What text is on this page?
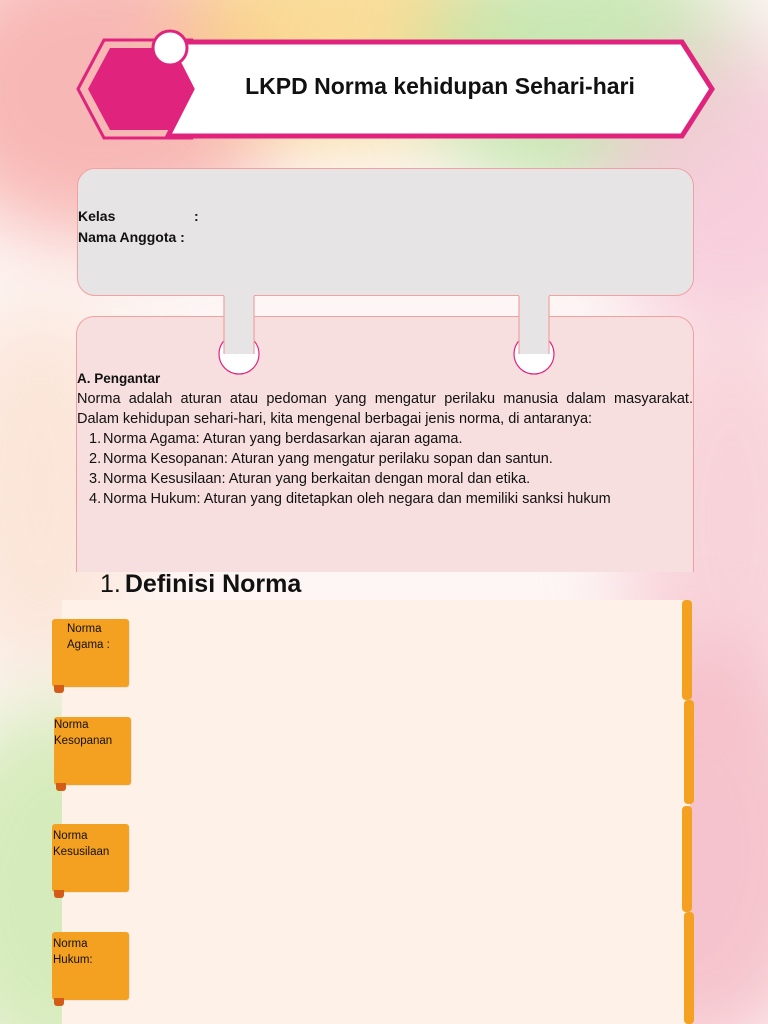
LKPD Norma kehidupan Sehari-hari
Kelas	:
Nama Anggota :
A. Pengantar

Norma adalah aturan atau pedoman yang mengatur perilaku manusia dalam masyarakat. Dalam kehidupan sehari-hari, kita mengenal berbagai jenis norma, di antaranya:

Norma Agama: Aturan yang berdasarkan ajaran agama.
Norma Kesopanan: Aturan yang mengatur perilaku sopan dan santun.
Norma Kesusilaan: Aturan yang berkaitan dengan moral dan etika.
Norma Hukum: Aturan yang ditetapkan oleh negara dan memiliki sanksi hukum
1. Definisi Norma
Norma
Agama :
Norma
Kesopanan
Norma
Kesusilaan
Norma
Hukum:
